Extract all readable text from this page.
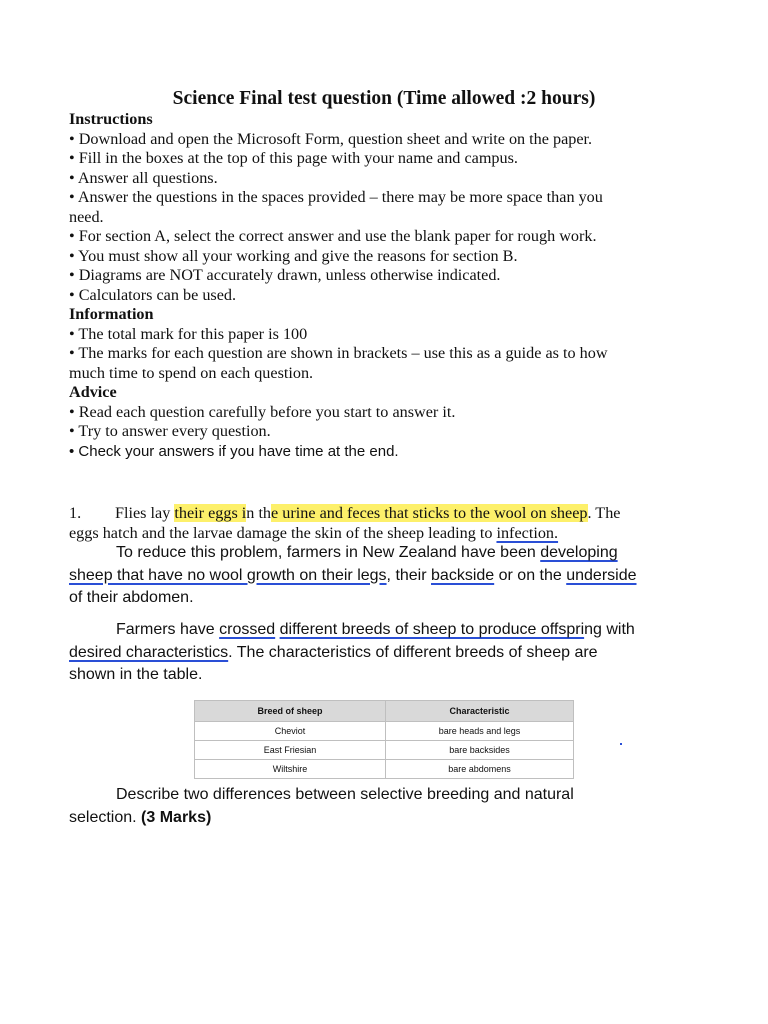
Science Final test question (Time allowed :2 hours)
Instructions
• Download and open the Microsoft Form, question sheet and write on the paper.
• Fill in the boxes at the top of this page with your name and campus.
• Answer all questions.
• Answer the questions in the spaces provided – there may be more space than you
need.
• For section A, select the correct answer and use the blank paper for rough work.
• You must show all your working and give the reasons for section B.
• Diagrams are NOT accurately drawn, unless otherwise indicated.
• Calculators can be used.
Information
• The total mark for this paper is 100
• The marks for each question are shown in brackets – use this as a guide as to how
much time to spend on each question.
Advice
• Read each question carefully before you start to answer it.
• Try to answer every question.
• Check your answers if you have time at the end.
1. Flies lay their eggs in the urine and feces that sticks to the wool on sheep. The
eggs hatch and the larvae damage the skin of the sheep leading to infection.
To reduce this problem, farmers in New Zealand have been developing
sheep that have no wool growth on their legs, their backside or on the underside
of their abdomen.
Farmers have crossed different breeds of sheep to produce offspring with
desired characteristics. The characteristics of different breeds of sheep are
shown in the table.
Breed of sheep	Characteristic
Cheviot	bare heads and legs
East Friesian	bare backsides
Wiltshire	bare abdomens
Describe two differences between selective breeding and natural
selection. (3 Marks)
